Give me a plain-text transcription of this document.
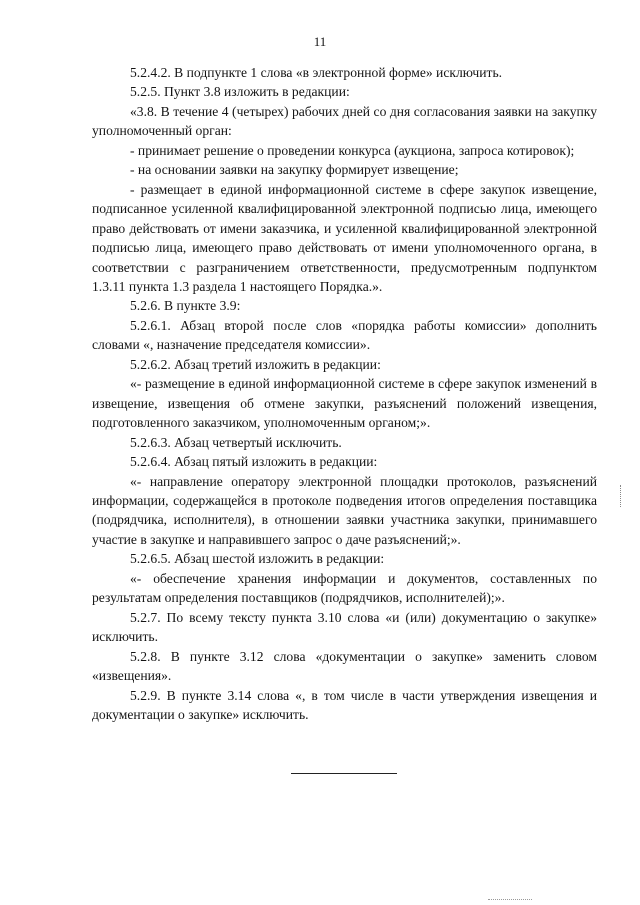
11

5.2.4.2. В подпункте 1 слова «в электронной форме» исключить.

5.2.5. Пункт 3.8 изложить в редакции:

«3.8. В течение 4 (четырех) рабочих дней со дня согласования заявки на закупку уполномоченный орган:

- принимает решение о проведении конкурса (аукциона, запроса котировок);

- на основании заявки на закупку формирует извещение;

- размещает в единой информационной системе в сфере закупок извещение, подписанное усиленной квалифицированной электронной подписью лица, имеющего право действовать от имени заказчика, и усиленной квалифицированной электронной подписью лица, имеющего право действовать от имени уполномоченного органа, в соответствии с разграничением ответственности, предусмотренным подпунктом 1.3.11 пункта 1.3 раздела 1 настоящего Порядка.».

5.2.6. В пункте 3.9:

5.2.6.1. Абзац второй после слов «порядка работы комиссии» дополнить словами «, назначение председателя комиссии».

5.2.6.2. Абзац третий изложить в редакции:

«- размещение в единой информационной системе в сфере закупок изменений в извещение, извещения об отмене закупки, разъяснений положений извещения, подготовленного заказчиком, уполномоченным органом;».

5.2.6.3. Абзац четвертый исключить.

5.2.6.4. Абзац пятый изложить в редакции:

«- направление оператору электронной площадки протоколов, разъяснений информации, содержащейся в протоколе подведения итогов определения поставщика (подрядчика, исполнителя), в отношении заявки участника закупки, принимавшего участие в закупке и направившего запрос о даче разъяснений;».

5.2.6.5. Абзац шестой изложить в редакции:

«- обеспечение хранения информации и документов, составленных по результатам определения поставщиков (подрядчиков, исполнителей);».

5.2.7. По всему тексту пункта 3.10 слова «и (или) документацию о закупке» исключить.

5.2.8. В пункте 3.12 слова «документации о закупке» заменить словом «извещения».

5.2.9. В пункте 3.14 слова «, в том числе в части утверждения извещения и документации о закупке» исключить.
